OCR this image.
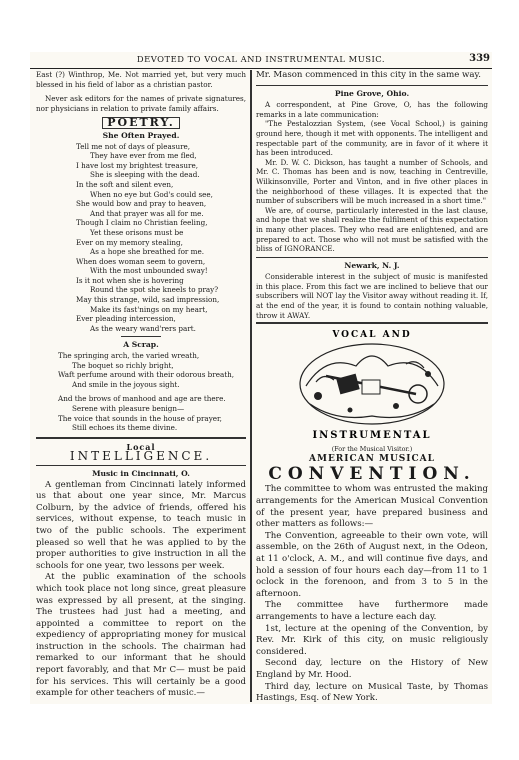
DEVOTED TO VOCAL AND INSTRUMENTAL MUSIC.	339

East (?) Winthrop, Me. Not married yet, but very much blessed in his field of labor as a christian pastor.

Never ask editors for the names of private signatures, nor physicians in relation to private family affairs.

POETRY.
She Often Prayed.
Tell me not of days of pleasure,
They have ever from me fled,
I have lost my brightest treasure,
She is sleeping with the dead.
In the soft and silent even,
When no eye but God's could see,
She would bow and pray to heaven,
And that prayer was all for me.
Though I claim no Christian feeling,
Yet these orisons must be
Ever on my memory stealing,
As a hope she breathed for me.
When does woman seem to govern,
With the most unbounded sway!
Is it not when she is hovering
Round the spot she kneels to pray?
May this strange, wild, sad impression,
Make its fast'nings on my heart,
Ever pleading intercession,
As the weary wand'rers part.
A Scrap.
The springing arch, the varied wreath,
The boquet so richly bright,
Waft perfume around with their odorous breath,
And smile in the joyous sight.
And the brows of manhood and age are there.
Serene with pleasure benign—
The voice that sounds in the house of prayer,
Still echoes its theme divine.
Local
INTELLIGENCE.
Music in Cincinnati, O.

A gentleman from Cincinnati lately informed us that about one year since, Mr. Marcus Colburn, by the advice of friends, offered his services, without expense, to teach music in two of the public schools. The experiment pleased so well that he was applied to by the proper authorities to give instruction in all the schools for one year, two lessons per week.

At the public examination of the schools which took place not long since, great pleasure was expressed by all present, at the singing. The trustees had just had a meeting, and appointed a committee to report on the expediency of appropriating money for musical instruction in the schools. The chairman had remarked to our informant that he should report favorably, and that Mr C— must be paid for his services. This will certainly be a good example for other teachers of music.—

Mr. Mason commenced in this city in the same way.

Pine Grove, Ohio.

A correspondent, at Pine Grove, O, has the following remarks in a late communication:

"The Pestalozzian System, (see Vocal School,) is gaining ground here, though it met with opponents. The intelligent and respectable part of the community, are in favor of it where it has been introduced.

Mr. D. W. C. Dickson, has taught a number of Schools, and Mr. C. Thomas has been and is now, teaching in Centreville, Wilkinsonville, Porter and Vinton, and in five other places in the neighborhood of these villages. It is expected that the number of subscribers will be much increased in a short time."

We are, of course, particularly interested in the last clause, and hope that we shall realize the fulfilment of this expectation in many other places. They who read are enlightened, and are prepared to act. Those who will not must be satisfied with the bliss of IGNORANCE.

Newark, N. J.

Considerable interest in the subject of music is manifested in this place. From this fact we are inclined to believe that our subscribers will NOT lay the Visitor away without reading it. If, at the end of the year, it is found to contain nothing valuable, throw it AWAY.

VOCAL AND
INSTRUMENTAL
(For the Musical Visitor.)
AMERICAN MUSICAL
CONVENTION.

The committee to whom was entrusted the making arrangements for the American Musical Convention of the present year, have prepared business and other matters as follows:—

The Convention, agreeable to their own vote, will assemble, on the 26th of August next, in the Odeon, at 11 o'clock, A. M., and will continue five days, and hold a session of four hours each day—from 11 to 1 oclock in the forenoon, and from 3 to 5 in the afternoon.

The committee have furthermore made arrangements to have a lecture each day.

1st, lecture at the opening of the Convention, by Rev. Mr. Kirk of this city, on music religiously considered.

Second day, lecture on the History of New England by Mr. Hood.

Third day, lecture on Musical Taste, by Thomas Hastings, Esq. of New York.
